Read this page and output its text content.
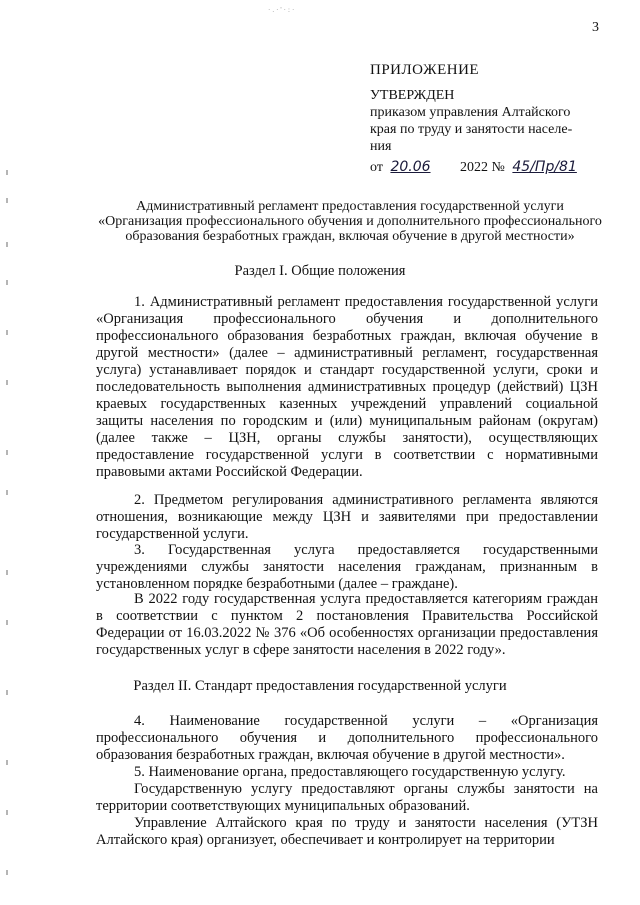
·.·'·:·
3
ПРИЛОЖЕНИЕ
УТВЕРЖДЕН
приказом управления Алтайского
края по труду и занятости населе-
ния
от 20.06 2022 № 45/Пр/81
Административный регламент предоставления государственной услуги «Организация профессионального обучения и дополнительного профессионального образования безработных граждан, включая обучение в другой местности»
Раздел I. Общие положения
1. Административный регламент предоставления государственной услуги «Организация профессионального обучения и дополнительного профессионального образования безработных граждан, включая обучение в другой местности» (далее – административный регламент, государственная услуга) устанавливает порядок и стандарт государственной услуги, сроки и последовательность выполнения административных процедур (действий) ЦЗН краевых государственных казенных учреждений управлений социальной защиты населения по городским и (или) муниципальным районам (округам) (далее также – ЦЗН, органы службы занятости), осуществляющих предоставление государственной услуги в соответствии с нормативными правовыми актами Российской Федерации.
2. Предметом регулирования административного регламента являются отношения, возникающие между ЦЗН и заявителями при предоставлении государственной услуги.
3. Государственная услуга предоставляется государственными учреждениями службы занятости населения гражданам, признанным в установленном порядке безработными (далее – граждане).
В 2022 году государственная услуга предоставляется категориям граждан в соответствии с пунктом 2 постановления Правительства Российской Федерации от 16.03.2022 № 376 «Об особенностях организации предоставления государственных услуг в сфере занятости населения в 2022 году».
Раздел II. Стандарт предоставления государственной услуги
4. Наименование государственной услуги – «Организация профессионального обучения и дополнительного профессионального образования безработных граждан, включая обучение в другой местности».
5. Наименование органа, предоставляющего государственную услугу.
Государственную услугу предоставляют органы службы занятости на территории соответствующих муниципальных образований.
Управление Алтайского края по труду и занятости населения (УТЗН Алтайского края) организует, обеспечивает и контролирует на территории
